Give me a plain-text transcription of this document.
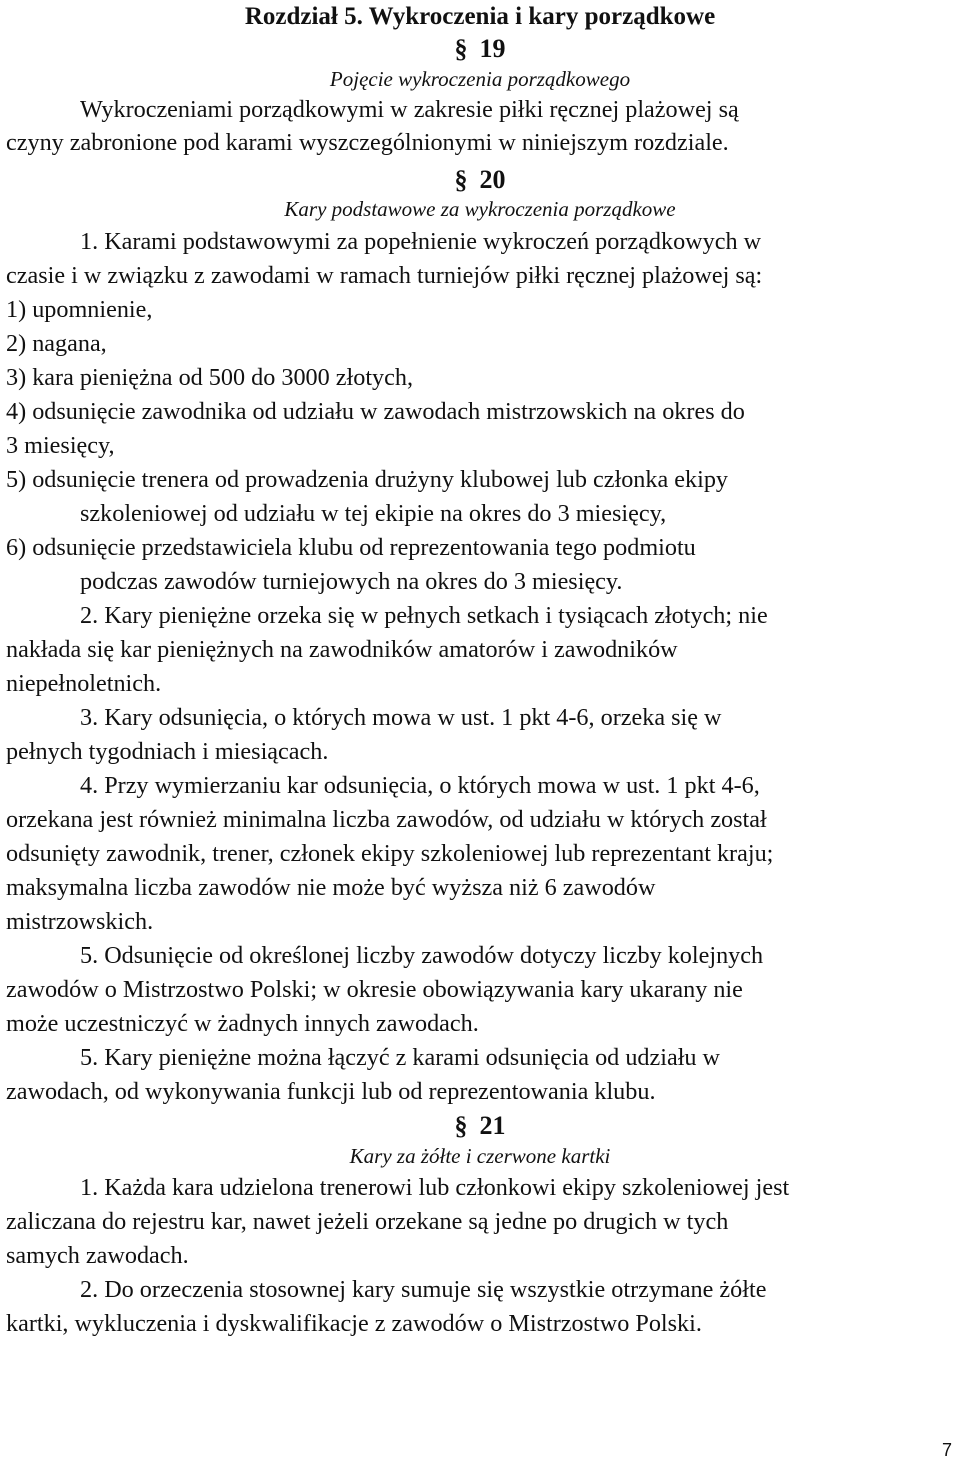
Rozdział 5. Wykroczenia i kary porządkowe
§ 19
Pojęcie wykroczenia porządkowego
Wykroczeniami porządkowymi w zakresie piłki ręcznej plażowej są
czyny zabronione pod karami wyszczególnionymi w niniejszym rozdziale.
§ 20
Kary podstawowe za wykroczenia porządkowe
1. Karami podstawowymi za popełnienie wykroczeń porządkowych w
czasie i w związku z zawodami w ramach turniejów piłki ręcznej plażowej są:
1) upomnienie,
2) nagana,
3) kara pieniężna od 500 do 3000 złotych,
4) odsunięcie zawodnika od udziału w zawodach mistrzowskich na okres do
3 miesięcy,
5) odsunięcie trenera od prowadzenia drużyny klubowej lub członka ekipy
szkoleniowej od udziału w tej ekipie na okres do 3 miesięcy,
6) odsunięcie przedstawiciela klubu od reprezentowania tego podmiotu
podczas zawodów turniejowych na okres do 3 miesięcy.
2. Kary pieniężne orzeka się w pełnych setkach i tysiącach złotych; nie
nakłada się kar pieniężnych na zawodników amatorów i zawodników
niepełnoletnich.
3. Kary odsunięcia, o których mowa w ust. 1 pkt 4-6, orzeka się w
pełnych tygodniach i miesiącach.
4. Przy wymierzaniu kar odsunięcia, o których mowa w ust. 1 pkt 4-6,
orzekana jest również minimalna liczba zawodów, od udziału w których został
odsunięty zawodnik, trener, członek ekipy szkoleniowej lub reprezentant kraju;
maksymalna liczba zawodów nie może być wyższa niż 6 zawodów
mistrzowskich.
5. Odsunięcie od określonej liczby zawodów dotyczy liczby kolejnych
zawodów o Mistrzostwo Polski; w okresie obowiązywania kary ukarany nie
może uczestniczyć w żadnych innych zawodach.
5. Kary pieniężne można łączyć z karami odsunięcia od udziału w
zawodach, od wykonywania funkcji lub od reprezentowania klubu.
§ 21
Kary za żółte i czerwone kartki
1. Każda kara udzielona trenerowi lub członkowi ekipy szkoleniowej jest
zaliczana do rejestru kar, nawet jeżeli orzekane są jedne po drugich w tych
samych zawodach.
2. Do orzeczenia stosownej kary sumuje się wszystkie otrzymane żółte
kartki, wykluczenia i dyskwalifikacje z zawodów o Mistrzostwo Polski.
7
